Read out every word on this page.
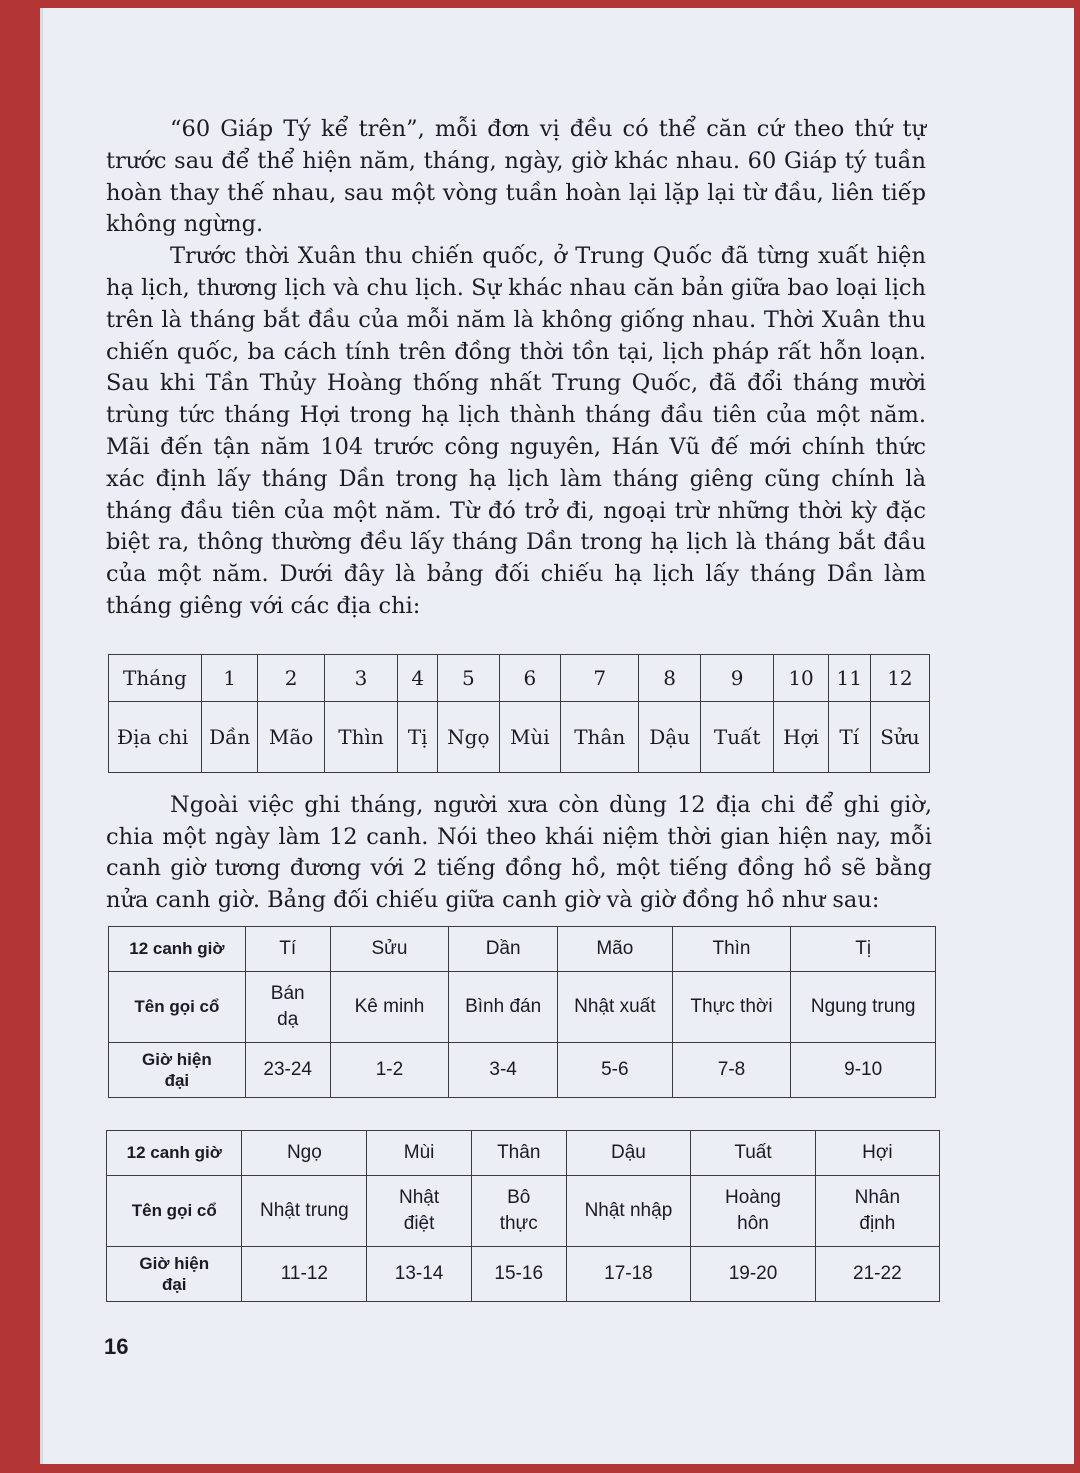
“60 Giáp Tý kể trên”, mỗi đơn vị đều có thể căn cứ theo thứ tự trước sau để thể hiện năm, tháng, ngày, giờ khác nhau. 60 Giáp tý tuần hoàn thay thế nhau, sau một vòng tuần hoàn lại lặp lại từ đầu, liên tiếp không ngừng.

Trước thời Xuân thu chiến quốc, ở Trung Quốc đã từng xuất hiện hạ lịch, thương lịch và chu lịch. Sự khác nhau căn bản giữa bao loại lịch trên là tháng bắt đầu của mỗi năm là không giống nhau. Thời Xuân thu chiến quốc, ba cách tính trên đồng thời tồn tại, lịch pháp rất hỗn loạn. Sau khi Tần Thủy Hoàng thống nhất Trung Quốc, đã đổi tháng mười trùng tức tháng Hợi trong hạ lịch thành tháng đầu tiên của một năm. Mãi đến tận năm 104 trước công nguyên, Hán Vũ đế mới chính thức xác định lấy tháng Dần trong hạ lịch làm tháng giêng cũng chính là tháng đầu tiên của một năm. Từ đó trở đi, ngoại trừ những thời kỳ đặc biệt ra, thông thường đều lấy tháng Dần trong hạ lịch là tháng bắt đầu của một năm. Dưới đây là bảng đối chiếu hạ lịch lấy tháng Dần làm tháng giêng với các địa chi:

Tháng	1	2	3	4	5	6	7	8	9	10	11	12
Địa chi	Dần	Mão	Thìn	Tị	Ngọ	Mùi	Thân	Dậu	Tuất	Hợi	Tí	Sửu

Ngoài việc ghi tháng, người xưa còn dùng 12 địa chi để ghi giờ, chia một ngày làm 12 canh. Nói theo khái niệm thời gian hiện nay, mỗi canh giờ tương đương với 2 tiếng đồng hồ, một tiếng đồng hồ sẽ bằng nửa canh giờ. Bảng đối chiếu giữa canh giờ và giờ đồng hồ như sau:

12 canh giờ	Tí	Sửu	Dần	Mão	Thìn	Tị
Tên gọi cổ	Bán dạ	Kê minh	Bình đán	Nhật xuất	Thực thời	Ngung trung
Giờ hiện đại	23-24	1-2	3-4	5-6	7-8	9-10
12 canh giờ	Ngọ	Mùi	Thân	Dậu	Tuất	Hợi
Tên gọi cổ	Nhật trung	Nhật điệt	Bô thực	Nhật nhập	Hoàng hôn	Nhân định
Giờ hiện đại	11-12	13-14	15-16	17-18	19-20	21-22
16
